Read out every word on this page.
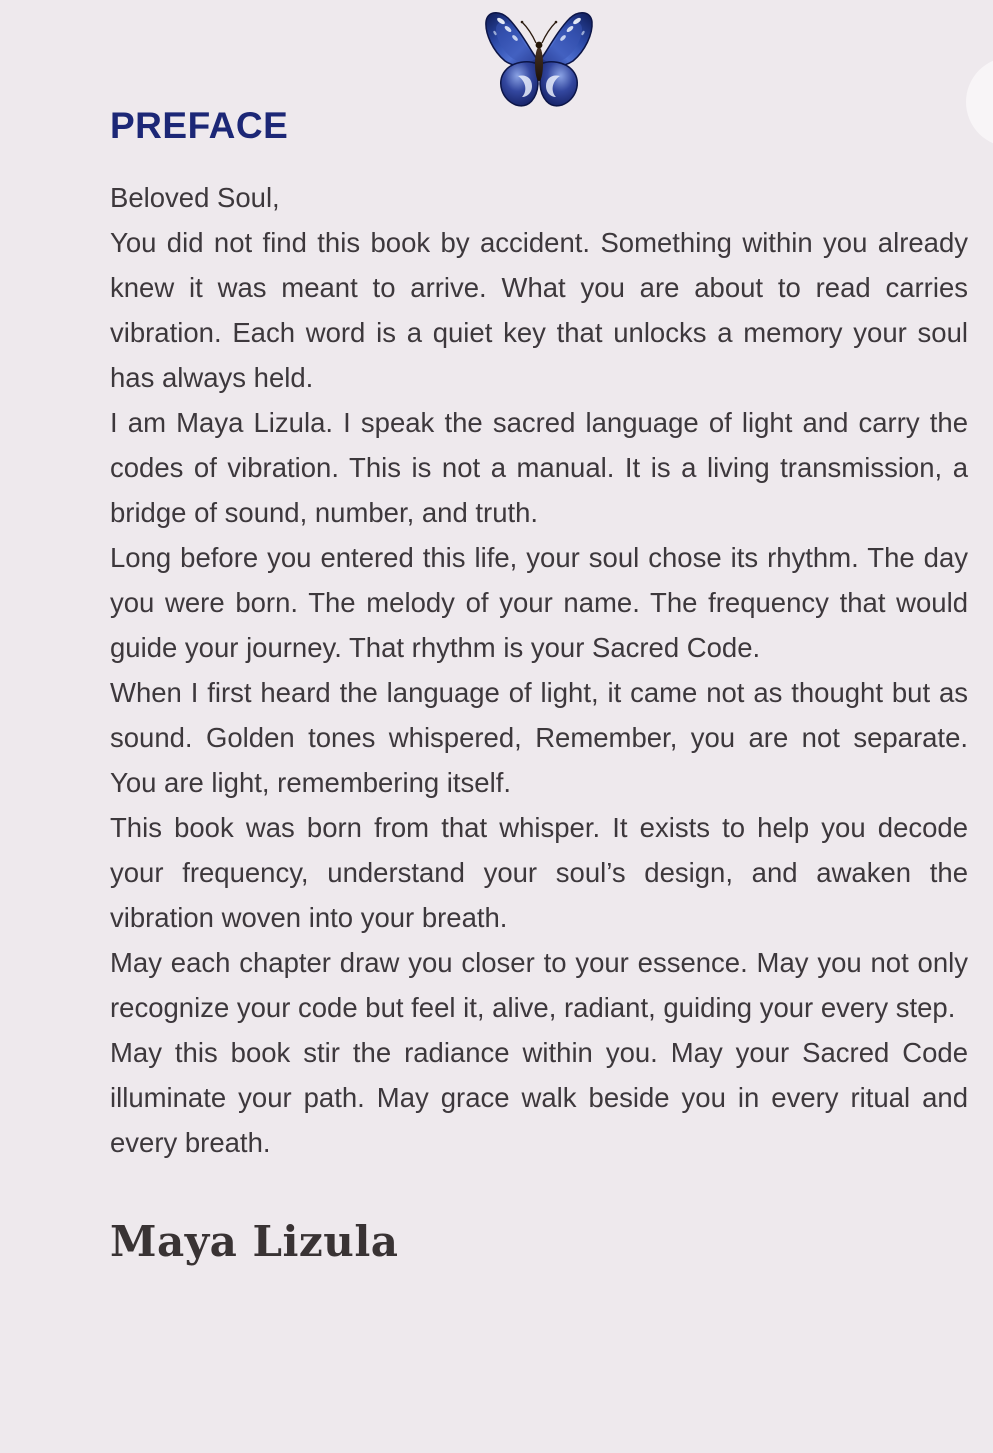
PREFACE

Beloved Soul,

You did not find this book by accident. Something within you already knew it was meant to arrive. What you are about to read carries vibration. Each word is a quiet key that unlocks a memory your soul has always held.

I am Maya Lizula. I speak the sacred language of light and carry the codes of vibration. This is not a manual. It is a living transmission, a bridge of sound, number, and truth.

Long before you entered this life, your soul chose its rhythm. The day you were born. The melody of your name. The frequency that would guide your journey. That rhythm is your Sacred Code.

When I first heard the language of light, it came not as thought but as sound. Golden tones whispered, Remember, you are not separate. You are light, remembering itself.

This book was born from that whisper. It exists to help you decode your frequency, understand your soul’s design, and awaken the vibration woven into your breath.

May each chapter draw you closer to your essence. May you not only recognize your code but feel it, alive, radiant, guiding your every step.

May this book stir the radiance within you. May your Sacred Code illuminate your path. May grace walk beside you in every ritual and every breath.

Maya Lizula
